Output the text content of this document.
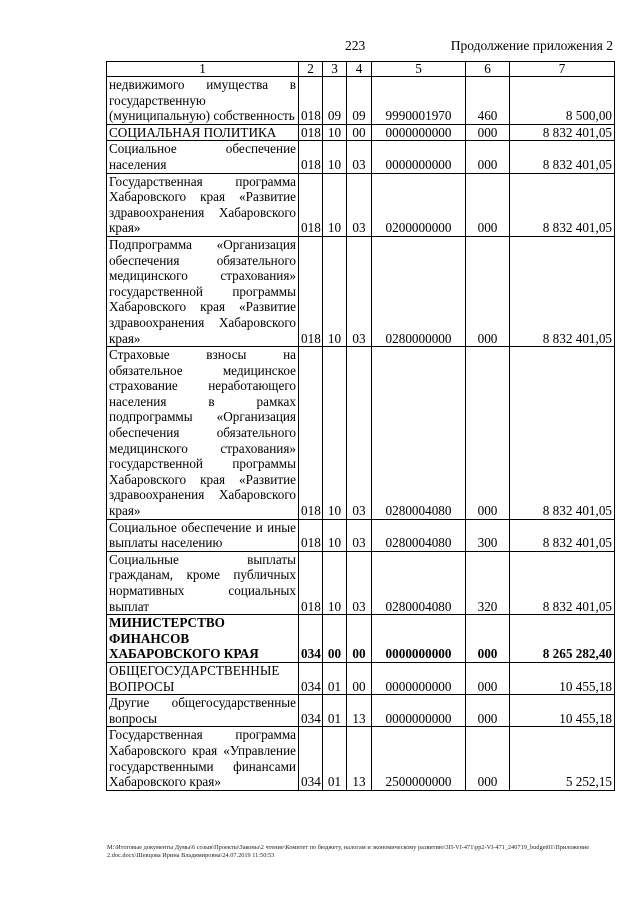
223	Продолжение приложения 2
1	2	3	4	5	6	7
недвижимого имущества в государственную (муниципальную) собственность	018	09	09	9990001970	460	8 500,00
СОЦИАЛЬНАЯ ПОЛИТИКА	018	10	00	0000000000	000	8 832 401,05
Социальное обеспечение населения	018	10	03	0000000000	000	8 832 401,05
Государственная программа Хабаровского края «Развитие здравоохранения Хабаровского края»	018	10	03	0200000000	000	8 832 401,05
Подпрограмма «Организация обеспечения обязательного медицинского страхования» государственной программы Хабаровского края «Развитие здравоохранения Хабаровского края»	018	10	03	0280000000	000	8 832 401,05
Страховые взносы на обязательное медицинское страхование неработающего населения в рамках подпрограммы «Организация обеспечения обязательного медицинского страхования» государственной программы Хабаровского края «Развитие здравоохранения Хабаровского края»	018	10	03	0280004080	000	8 832 401,05
Социальное обеспечение и иные выплаты населению	018	10	03	0280004080	300	8 832 401,05
Социальные выплаты гражданам, кроме публичных нормативных социальных выплат	018	10	03	0280004080	320	8 832 401,05
МИНИСТЕРСТВО ФИНАНСОВ ХАБАРОВСКОГО КРАЯ	034	00	00	0000000000	000	8 265 282,40
ОБЩЕГОСУДАРСТВЕННЫЕ ВОПРОСЫ	034	01	00	0000000000	000	10 455,18
Другие общегосударственные вопросы	034	01	13	0000000000	000	10 455,18
Государственная программа Хабаровского края «Управление государственными финансами Хабаровского края»	034	01	13	2500000000	000	5 252,15
M:\Итоговые документы Думы\6 созыв\Проекты\Законы\2 чтение\Комитет по бюджету, налогам и экономическому развитию\3П-VI-471\рр2-VI-471_240719_budget01\Приложение 2.doc.docx\Шевцова Ирина Владимировна\24.07.2019 11:50:53
